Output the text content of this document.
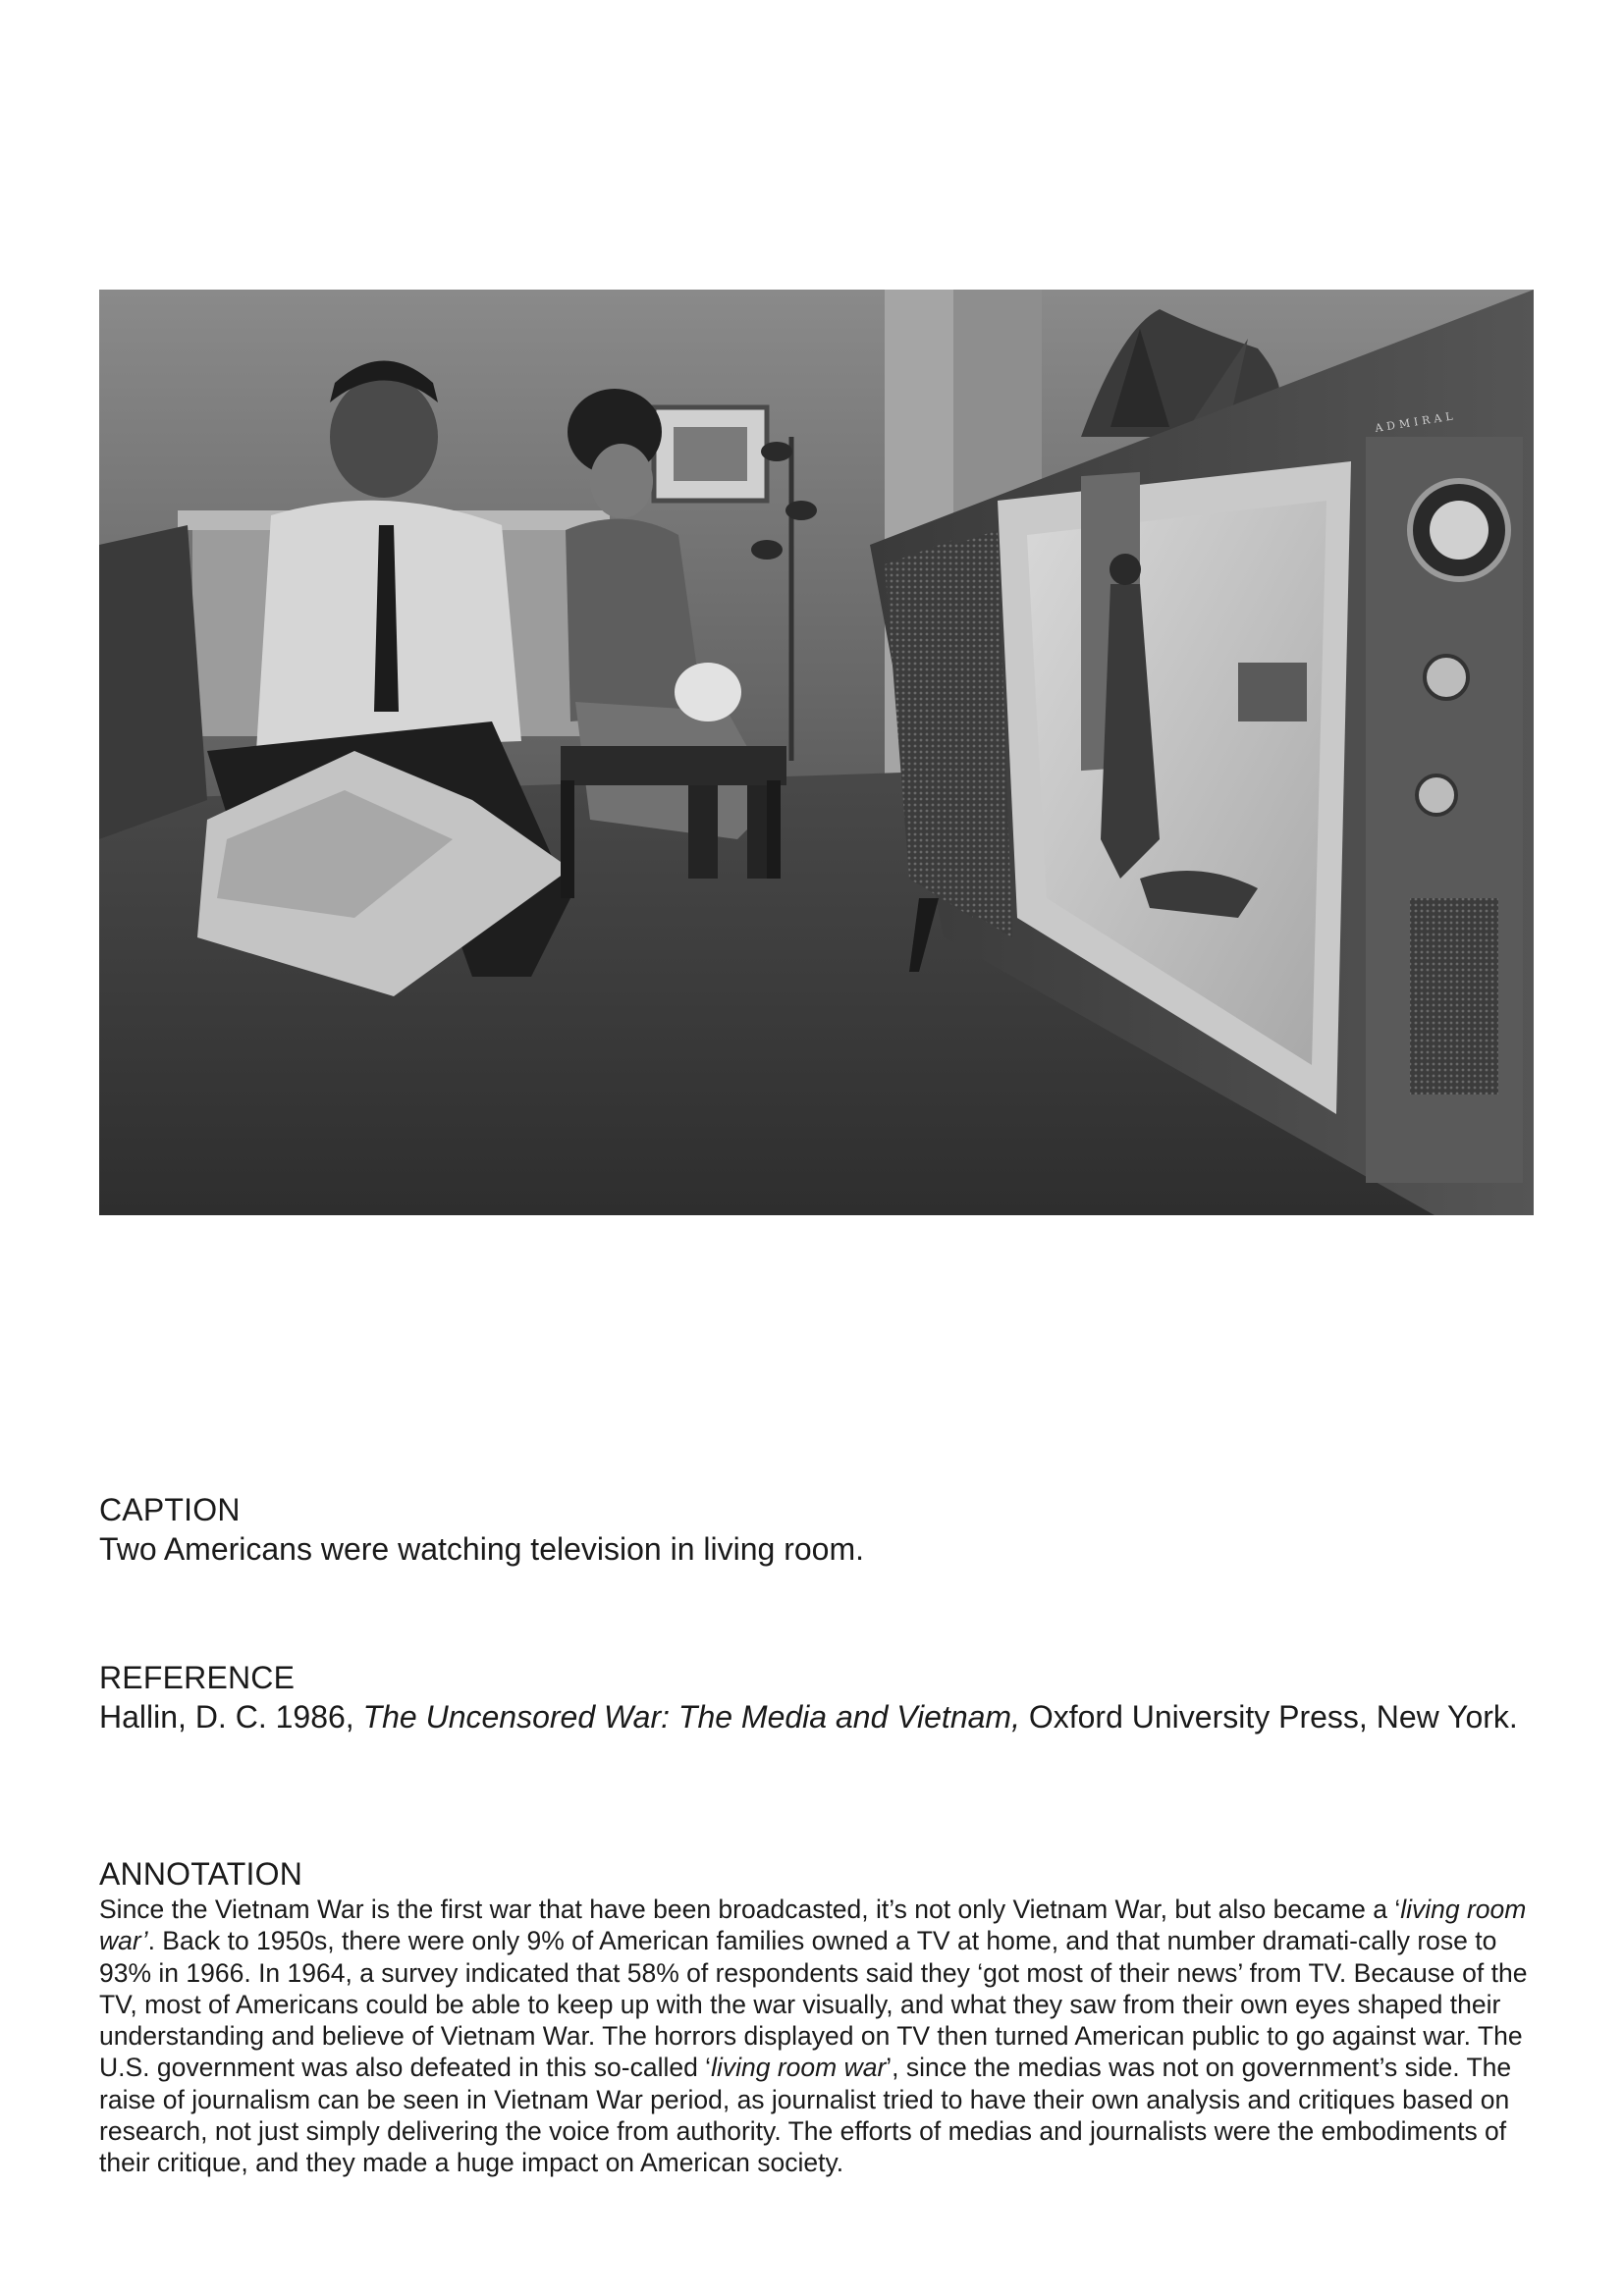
ADMIRAL
CAPTION
Two Americans were watching television in living room.
REFERENCE
Hallin, D. C. 1986, The Uncensored War: The Media and Vietnam, Oxford University Press, New York.
ANNOTATION
Since the Vietnam War is the first war that have been broadcasted, it’s not only Vietnam War, but also became a ‘living room war’. Back to 1950s, there were only 9% of American families owned a TV at home, and that number dramati-cally rose to 93% in 1966. In 1964, a survey indicated that 58% of respondents said they ‘got most of their news’ from TV. Because of the TV, most of Americans could be able to keep up with the war visually, and what they saw from their own eyes shaped their understanding and believe of Vietnam War. The horrors displayed on TV then turned American public to go against war. The U.S. government was also defeated in this so-called ‘living room war’, since the medias was not on government’s side. The raise of journalism can be seen in Vietnam War period, as journalist tried to have their own analysis and critiques based on research, not just simply delivering the voice from authority. The efforts of medias and journalists were the embodiments of their critique, and they made a huge impact on American society.
